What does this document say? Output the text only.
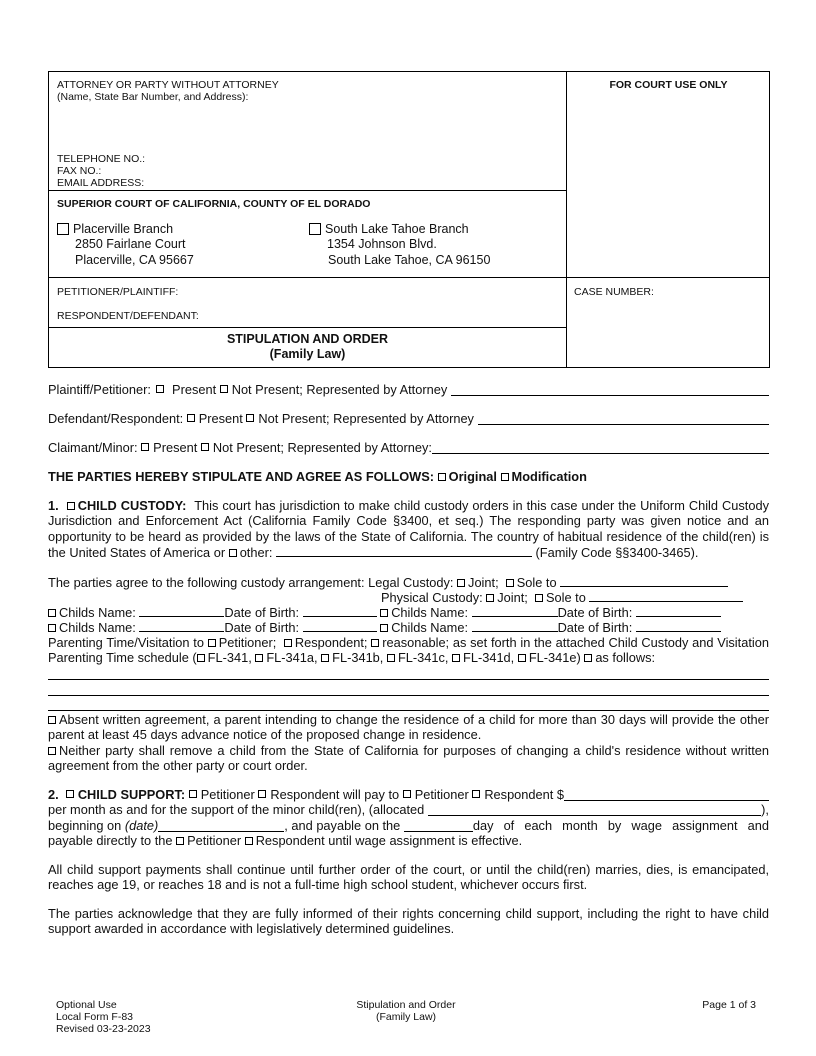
ATTORNEY OR PARTY WITHOUT ATTORNEY
(Name, State Bar Number, and Address):
TELEPHONE NO.:
FAX NO.:
EMAIL ADDRESS:
FOR COURT USE ONLY
SUPERIOR COURT OF CALIFORNIA, COUNTY OF EL DORADO
Placerville Branch
2850 Fairlane Court
Placerville, CA 95667
South Lake Tahoe Branch
1354 Johnson Blvd.
South Lake Tahoe, CA 96150
PETITIONER/PLAINTIFF:
RESPONDENT/DEFENDANT:
CASE NUMBER:
STIPULATION AND ORDER
(Family Law)
Plaintiff/Petitioner:

Present
Not Present; Represented by Attorney

Defendant/Respondent:
Present
Not Present; Represented by Attorney

Claimant/Minor:
Present
Not Present; Represented by Attorney:
THE PARTIES HEREBY STIPULATE AND AGREE AS FOLLOWS: Original Modification
1. CHILD CUSTODY: This court has jurisdiction to make child custody orders in this case under the Uniform Child Custody Jurisdiction and Enforcement Act (California Family Code §3400, et seq.) The responding party was given notice and an opportunity to be heard as provided by the laws of the State of California. The country of habitual residence of the child(ren) is the United States of America or other:	(Family Code §§3400-3465).
The parties agree to the following custody arrangement: Legal Custody: Joint; Sole to
Physical Custody: Joint; Sole to
Childs Name:	Date of Birth:	Childs Name:	Date of Birth:
Childs Name:	Date of Birth:	Childs Name:	Date of Birth:
Parenting Time/Visitation to Petitioner; Respondent; reasonable; as set forth in the attached Child Custody and Visitation Parenting Time schedule ( FL-341, FL-341a, FL-341b, FL-341c, FL-341d, FL-341e) as follows:
Absent written agreement, a parent intending to change the residence of a child for more than 30 days will provide the other parent at least 45 days advance notice of the proposed change in residence.
Neither party shall remove a child from the State of California for purposes of changing a child's residence without written agreement from the other party or court order.
2.
CHILD SUPPORT:
Petitioner
Respondent
will pay to
Petitioner
Respondent
$
per month as and for the support of the minor child(ren), (allocated
	),
beginning on
(date)	, and payable on the
	day of each month by wage assignment and
payable directly to the Petitioner Respondent until wage assignment is effective.
All child support payments shall continue until further order of the court, or until the child(ren) marries, dies, is emancipated, reaches age 19, or reaches 18 and is not a full-time high school student, whichever occurs first.
The parties acknowledge that they are fully informed of their rights concerning child support, including the right to have child support awarded in accordance with legislatively determined guidelines.
Optional Use
Local Form F-83
Revised 03-23-2023
Stipulation and Order
(Family Law)
Page 1 of 3
